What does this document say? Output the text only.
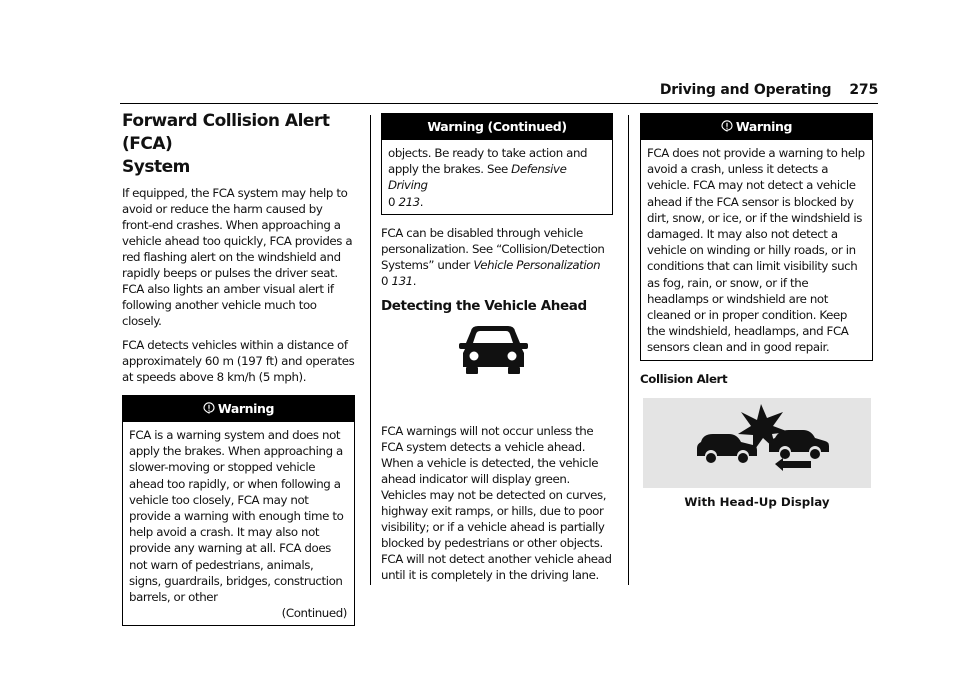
Driving and Operating 275
Forward Collision Alert (FCA)
System

If equipped, the FCA system may help to avoid or reduce the harm caused by front-end crashes. When approaching a vehicle ahead too quickly, FCA provides a red flashing alert on the windshield and rapidly beeps or pulses the driver seat. FCA also lights an amber visual alert if following another vehicle much too closely.

FCA detects vehicles within a distance of approximately 60 m (197 ft) and operates at speeds above 8 km/h (5 mph).

Warning
FCA is a warning system and does not apply the brakes. When approaching a slower-moving or stopped vehicle ahead too rapidly, or when following a vehicle too closely, FCA may not provide a warning with enough time to help avoid a crash. It may also not provide any warning at all. FCA does not warn of pedestrians, animals, signs, guardrails, bridges, construction barrels, or other
(Continued)
Warning (Continued)
objects. Be ready to take action and apply the brakes. See Defensive Driving
0 213.

FCA can be disabled through vehicle personalization. See “Collision/Detection Systems” under Vehicle Personalization
0 131.

Detecting the Vehicle Ahead

FCA warnings will not occur unless the FCA system detects a vehicle ahead. When a vehicle is detected, the vehicle ahead indicator will display green. Vehicles may not be detected on curves, highway exit ramps, or hills, due to poor visibility; or if a vehicle ahead is partially blocked by pedestrians or other objects. FCA will not detect another vehicle ahead until it is completely in the driving lane.

Warning
FCA does not provide a warning to help avoid a crash, unless it detects a vehicle. FCA may not detect a vehicle ahead if the FCA sensor is blocked by dirt, snow, or ice, or if the windshield is damaged. It may also not detect a vehicle on winding or hilly roads, or in conditions that can limit visibility such as fog, rain, or snow, or if the headlamps or windshield are not cleaned or in proper condition. Keep the windshield, headlamps, and FCA sensors clean and in good repair.
Collision Alert
With Head-Up Display
